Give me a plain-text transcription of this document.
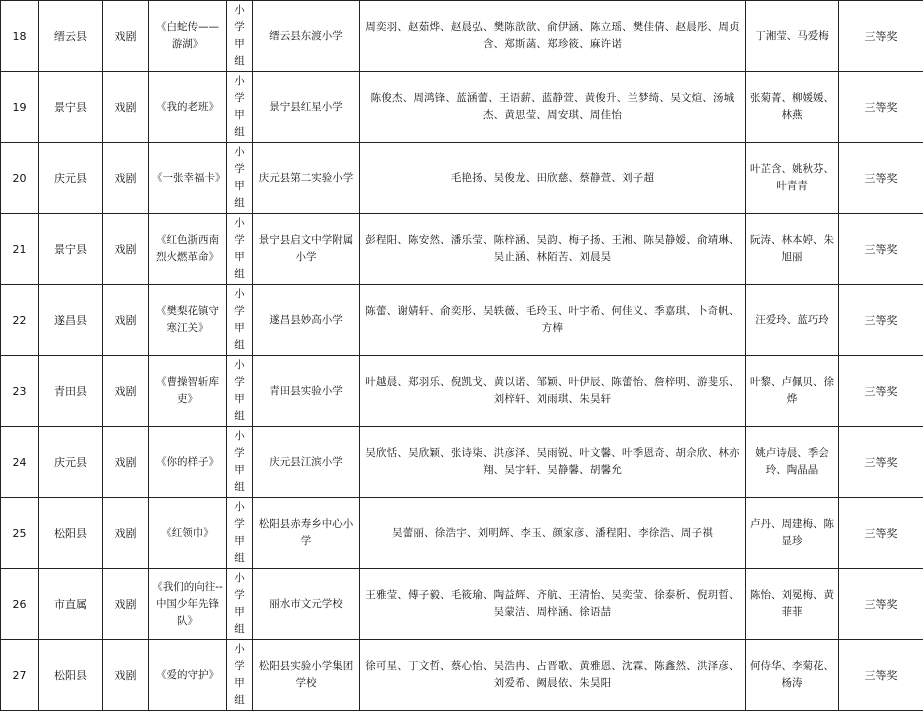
18	缙云县	戏剧	《白蛇传——游湖》	小学甲组	缙云县东渡小学	周奕羽、赵茹烨、赵晨弘、樊陈歆歆、俞伊涵、陈立瑶、樊佳倩、赵晨彤、周贞含、郑斯菡、郑珍筱、麻许诺	丁湘莹、马爱梅	三等奖
19	景宁县	戏剧	《我的老班》	小学甲组	景宁县红星小学	陈俊杰、周鸿锋、蓝涵蕾、王语薪、蓝静萱、黄俊升、兰梦绮、吴文煊、汤城杰、黄思莹、周安琪、周佳怡	张菊菁、柳媛媛、林燕	三等奖
20	庆元县	戏剧	《一张幸福卡》	小学甲组	庆元县第二实验小学	毛艳扬、吴俊龙、田欣慈、蔡静萱、刘子超	叶芷含、姚秋芬、 叶青青	三等奖
21	景宁县	戏剧	《红色浙西南 烈火燃革命》	小学甲组	景宁县启文中学附属小学	彭程阳、陈安然、潘乐莹、陈梓涵、吴韵、梅子扬、王湘、陈吴静嫒、俞靖琳、吴止涵、林陌苦、刘晨昊	阮涛、林本婷、朱旭丽	三等奖
22	遂昌县	戏剧	《樊梨花镇守寒江关》	小学甲组	遂昌县妙高小学	陈蕾、谢婧轩、俞奕彤、吴轶薇、毛玲玉、叶宇希、何佳义、季嘉琪、卜奇帆、方棒	汪爱玲、蓝巧玲	三等奖
23	青田县	戏剧	《曹操智斩库吏》	小学甲组	青田县实验小学	叶越晨、郑羽乐、倪凯戈、黄以诺、邹颖、叶伊辰、陈蕾怡、詹梓明、游斐乐、刘梓轩、刘雨琪、朱昊轩	叶黎、卢佩贝、徐烨	三等奖
24	庆元县	戏剧	《你的样子》	小学甲组	庆元县江滨小学	吴欣恬、吴欣颖、张诗柒、洪彦泽、吴雨锐、叶文馨、叶季恩奇、胡佘欣、林亦翔、吴宇轩、吴静馨、胡馨允	姚卢诗晨、季会玲、陶晶晶	三等奖
25	松阳县	戏剧	《红领巾》	小学甲组	松阳县赤寿乡中心小学	吴蕾丽、徐浩宇、刘明辉、李玉、颜家彦、潘程阳、李徐浩、周子祺	卢丹、周建梅、陈显珍	三等奖
26	市直属	戏剧	《我们的向往--中国少年先锋队》	小学甲组	丽水市文元学校	王雅莹、傅子毅、毛筱瑜、陶益辉、齐航、王清怡、吴奕莹、徐泰析、倪玥晢、吴蒙洁、周梓涵、徐语喆	陈怡、刘冕梅、黄菲菲	三等奖
27	松阳县	戏剧	《爱的守护》	小学甲组	松阳县实验小学集团学校	徐可星、丁文哲、蔡心怡、吴浩冉、占晋歌、黄雅恩、沈霖、陈鑫然、洪泽彦、刘爱希、阙晨依、朱昊阳	何侍华、李菊花、杨涛	三等奖
